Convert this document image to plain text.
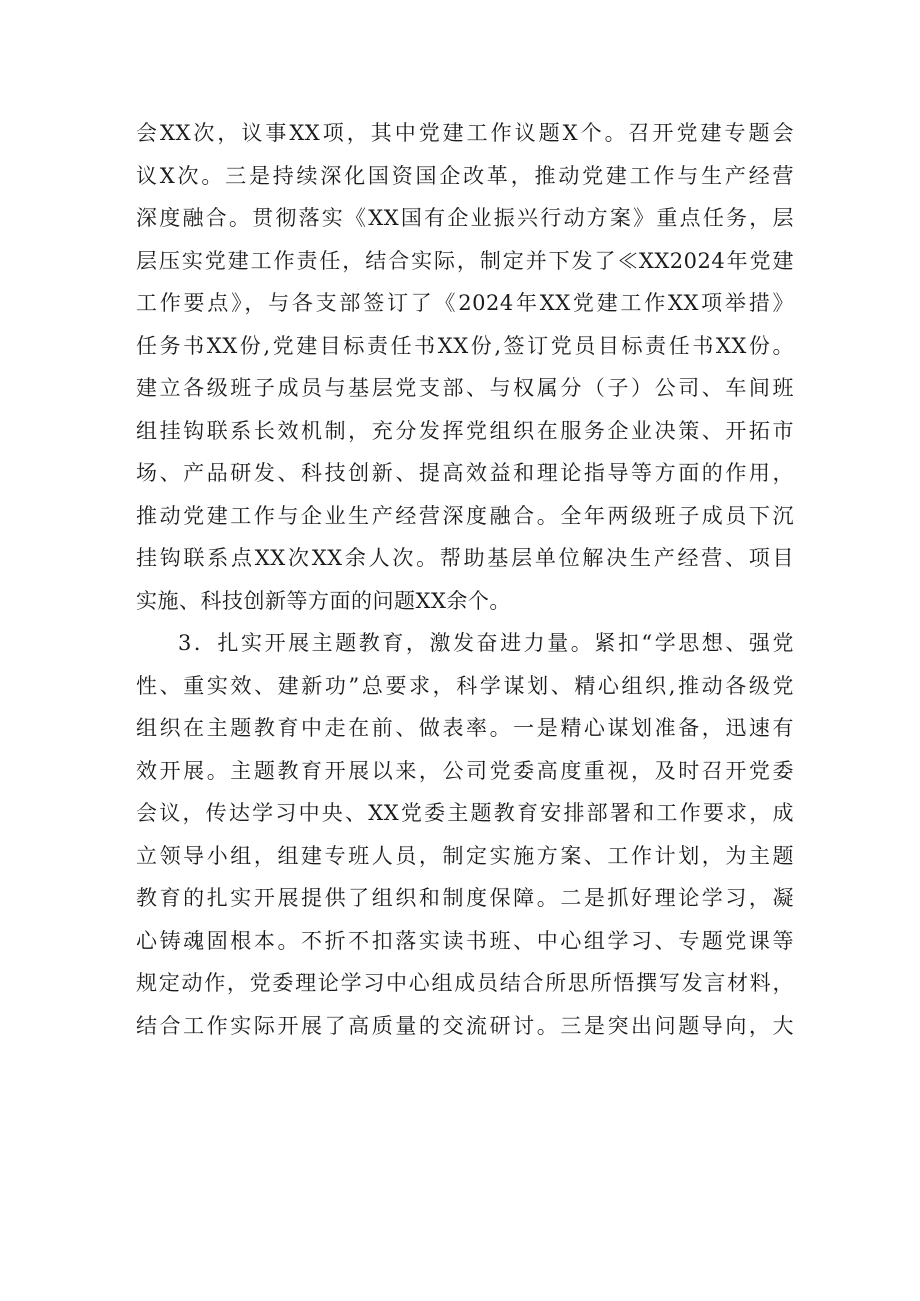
会XX次，议事XX项，其中党建工作议题X个。召开党建专题会
议X次。三是持续深化国资国企改革，推动党建工作与生产经营
深度融合。贯彻落实《XX国有企业振兴行动方案》重点任务，层
层压实党建工作责任，结合实际，制定并下发了≪XX2024年党建
工作要点》，与各支部签订了《2024年XX党建工作XX项举措》
任务书XX份,党建目标责任书XX份,签订党员目标责任书XX份。
建立各级班子成员与基层党支部、与权属分（子）公司、车间班
组挂钩联系长效机制，充分发挥党组织在服务企业决策、开拓市
场、产品研发、科技创新、提高效益和理论指导等方面的作用，
推动党建工作与企业生产经营深度融合。全年两级班子成员下沉
挂钩联系点XX次XX余人次。帮助基层单位解决生产经营、项目
实施、科技创新等方面的问题XX余个。
3．扎实开展主题教育，激发奋进力量。紧扣“学思想、强党
性、重实效、建新功”总要求，科学谋划、精心组织,推动各级党
组织在主题教育中走在前、做表率。一是精心谋划准备，迅速有
效开展。主题教育开展以来，公司党委高度重视，及时召开党委
会议，传达学习中央、XX党委主题教育安排部署和工作要求，成
立领导小组，组建专班人员，制定实施方案、工作计划，为主题
教育的扎实开展提供了组织和制度保障。二是抓好理论学习，凝
心铸魂固根本。不折不扣落实读书班、中心组学习、专题党课等
规定动作，党委理论学习中心组成员结合所思所悟撰写发言材料，
结合工作实际开展了高质量的交流研讨。三是突出问题导向，大
